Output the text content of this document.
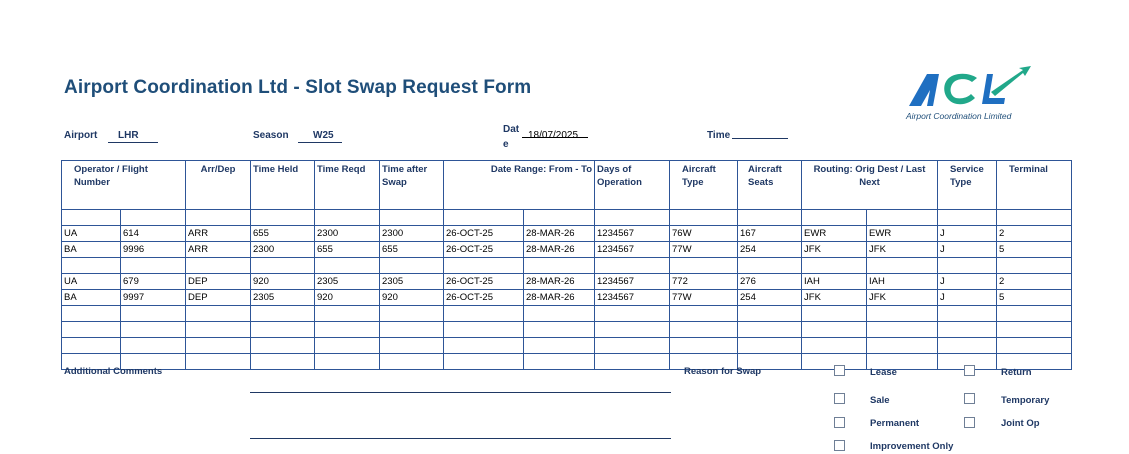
Airport Coordination Ltd - Slot Swap Request Form
ACL
Airport Coordination Limited
Airport LHR	Season W25
Dat
e
18/07/2025	Time
Operator / Flight Number		Arr/Dep	Time Held	Time Reqd	Time after Swap	Date Range: From - To		Days of Operation	Aircraft Type	Aircraft Seats	Routing: Orig Dest / Last Next		Service Type	Terminal

UA	614	ARR	655	2300	2300	26-OCT-25	28-MAR-26	1234567	76W	167	EWR	EWR	J	2
BA	9996	ARR	2300	655	655	26-OCT-25	28-MAR-26	1234567	77W	254	JFK	JFK	J	5

UA	679	DEP	920	2305	2305	26-OCT-25	28-MAR-26	1234567	772	276	IAH	IAH	J	2
BA	9997	DEP	2305	920	920	26-OCT-25	28-MAR-26	1234567	77W	254	JFK	JFK	J	5

Additional Comments	Reason for Swap	Lease	Return
Sale	Temporary
Permanent	Joint Op
Improvement Only
